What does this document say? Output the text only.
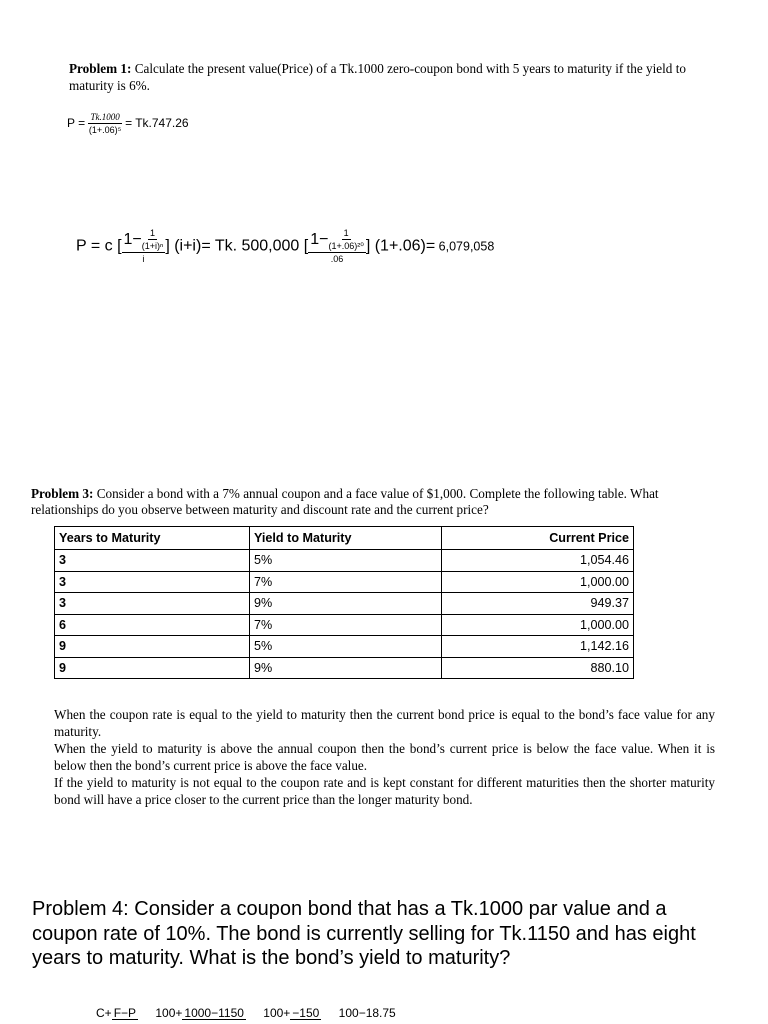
Problem 1: Calculate the present value(Price) of a Tk.1000 zero-coupon bond with 5 years to maturity if the yield to maturity is 6%.
$P = \frac{Tk.1000}{\text{(1+.06)⁵}} = Tk.747.26$
P = c [ $\frac{1- \frac{1}{\text{(1+i)ⁿ}}}{i}$ ] (i+i)= Tk. 500,000 [ $\frac{1- \frac{1}{\text{(1+.06)²⁰}}}{.06}$ ] (1+.06)= 6,079,058
Problem 3: Consider a bond with a 7% annual coupon and a face value of $1,000. Complete the following table. What relationships do you observe between maturity and discount rate and the current price?
Years to Maturity	Yield to Maturity	Current Price
3	5%	1,054.46
3	7%	1,000.00
3	9%	949.37
6	7%	1,000.00
9	5%	1,142.16
9	9%	880.10

When the coupon rate is equal to the yield to maturity then the current bond price is equal to the bond’s face value for any maturity.

When the yield to maturity is above the annual coupon then the bond’s current price is below the face value. When it is below then the bond’s current price is above the face value.

If the yield to maturity is not equal to the coupon rate and is kept constant for different maturities then the shorter maturity bond will have a price closer to the current price than the longer maturity bond.

Problem 4: Consider a coupon bond that has a Tk.1000 par value and a coupon rate of 10%. The bond is currently selling for Tk.1150 and has eight years to maturity. What is the bond’s yield to maturity?
C+ F−P 100+ 1000−1150 100+ −150 100−18.75
